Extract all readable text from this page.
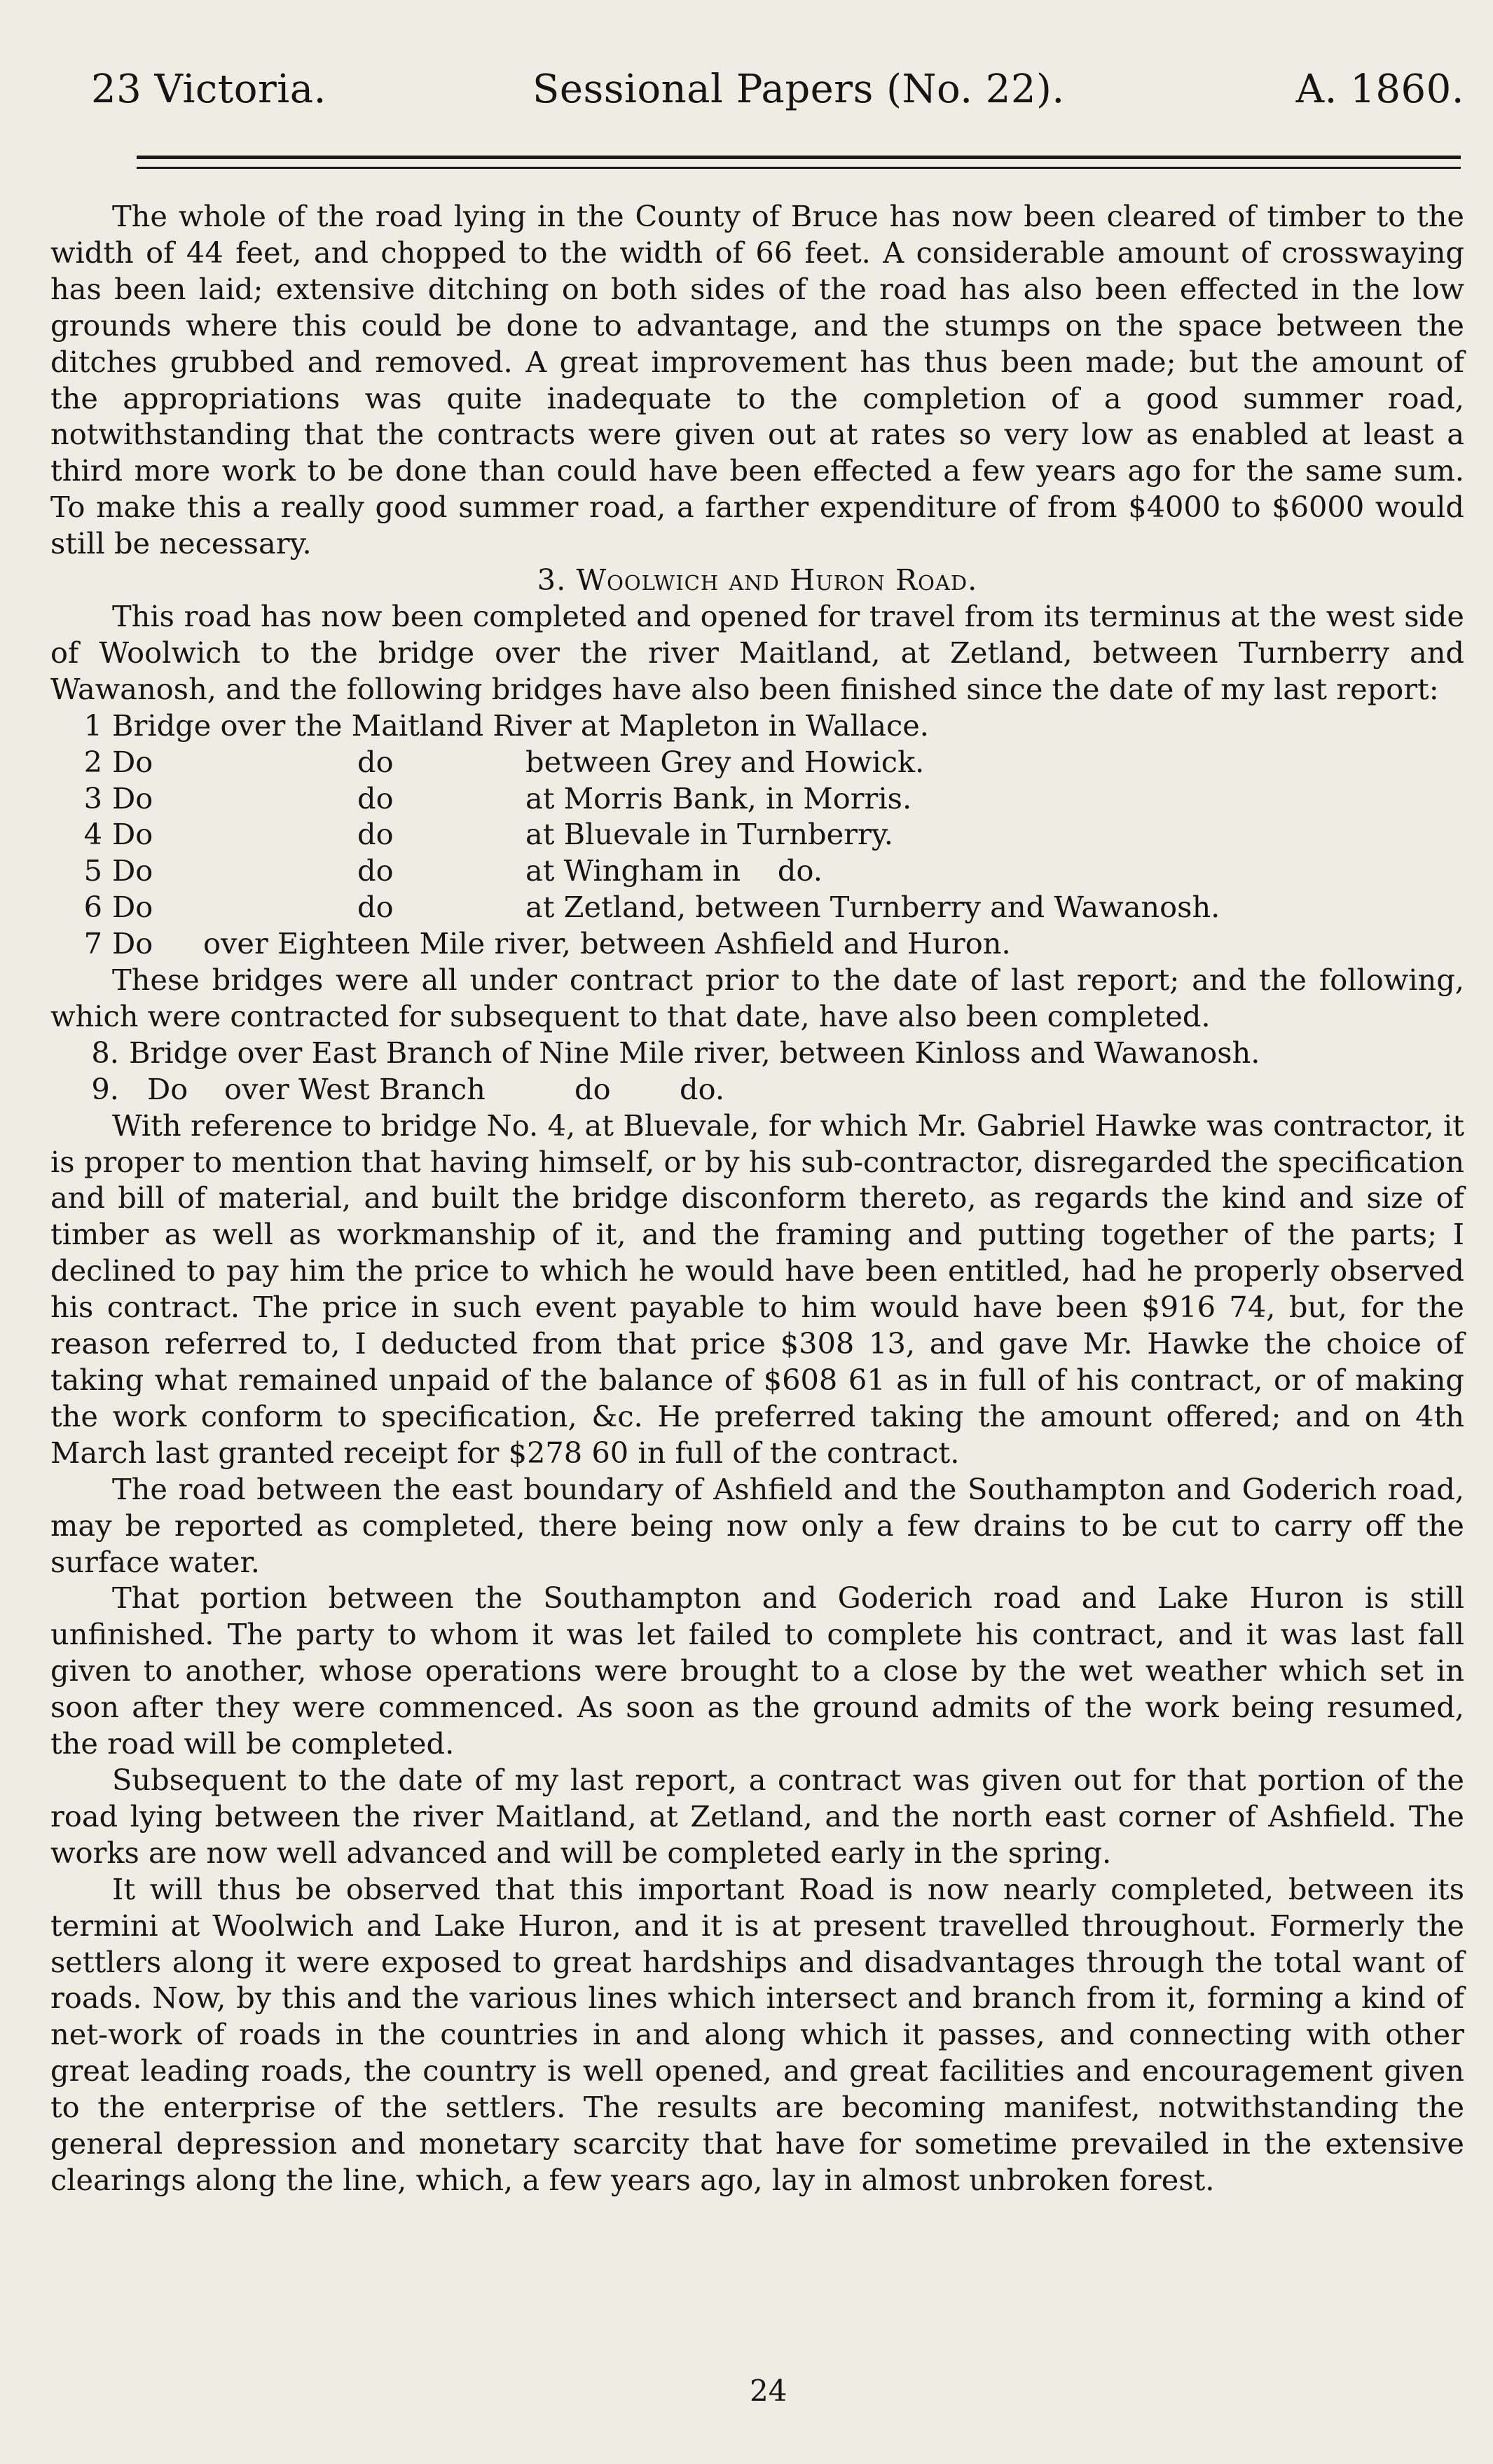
23 Victoria.	Sessional Papers (No. 22).	A. 1860.

The whole of the road lying in the County of Bruce has now been cleared of timber to the width of 44 feet, and chopped to the width of 66 feet. A considerable amount of crosswaying has been laid; extensive ditching on both sides of the road has also been effected in the low grounds where this could be done to advantage, and the stumps on the space between the ditches grubbed and removed. A great improvement has thus been made; but the amount of the appropriations was quite inadequate to the completion of a good summer road, notwithstanding that the contracts were given out at rates so very low as enabled at least a third more work to be done than could have been effected a few years ago for the same sum. To make this a really good summer road, a farther expenditure of from $4000 to $6000 would still be necessary.

3. Woolwich and Huron Road.

This road has now been completed and opened for travel from its terminus at the west side of Woolwich to the bridge over the river Maitland, at Zetland, between Turnberry and Wawanosh, and the following bridges have also been finished since the date of my last report:

1 Bridge over the Maitland River at Mapleton in Wallace.
2 Do	do	between Grey and Howick.
3 Do	do	at Morris Bank, in Morris.
4 Do	do	at Bluevale in Turnberry.
5 Do	do	at Wingham in    do.
6 Do	do	at Zetland, between Turnberry and Wawanosh.
7 Do	over Eighteen Mile river, between Ashfield and Huron.

These bridges were all under contract prior to the date of last report; and the following, which were contracted for subsequent to that date, have also been completed.

8. Bridge over East Branch of Nine Mile river, between Kinloss and Wawanosh.
9. Do	over West Branch	do	do.

With reference to bridge No. 4, at Bluevale, for which Mr. Gabriel Hawke was contractor, it is proper to mention that having himself, or by his sub-contractor, disregarded the specification and bill of material, and built the bridge disconform thereto, as regards the kind and size of timber as well as workmanship of it, and the framing and putting together of the parts; I declined to pay him the price to which he would have been entitled, had he properly observed his contract. The price in such event payable to him would have been $916 74, but, for the reason referred to, I deducted from that price $308 13, and gave Mr. Hawke the choice of taking what remained unpaid of the balance of $608 61 as in full of his contract, or of making the work conform to specification, &c. He preferred taking the amount offered; and on 4th March last granted receipt for $278 60 in full of the contract.

The road between the east boundary of Ashfield and the Southampton and Goderich road, may be reported as completed, there being now only a few drains to be cut to carry off the surface water.

That portion between the Southampton and Goderich road and Lake Huron is still unfinished. The party to whom it was let failed to complete his contract, and it was last fall given to another, whose operations were brought to a close by the wet weather which set in soon after they were commenced. As soon as the ground admits of the work being resumed, the road will be completed.

Subsequent to the date of my last report, a contract was given out for that portion of the road lying between the river Maitland, at Zetland, and the north east corner of Ashfield. The works are now well advanced and will be completed early in the spring.

It will thus be observed that this important Road is now nearly completed, between its termini at Woolwich and Lake Huron, and it is at present travelled throughout. Formerly the settlers along it were exposed to great hardships and disadvantages through the total want of roads. Now, by this and the various lines which intersect and branch from it, forming a kind of net-work of roads in the countries in and along which it passes, and connecting with other great leading roads, the country is well opened, and great facilities and encouragement given to the enterprise of the settlers. The results are becoming manifest, notwithstanding the general depression and monetary scarcity that have for sometime prevailed in the extensive clearings along the line, which, a few years ago, lay in almost unbroken forest.

24
